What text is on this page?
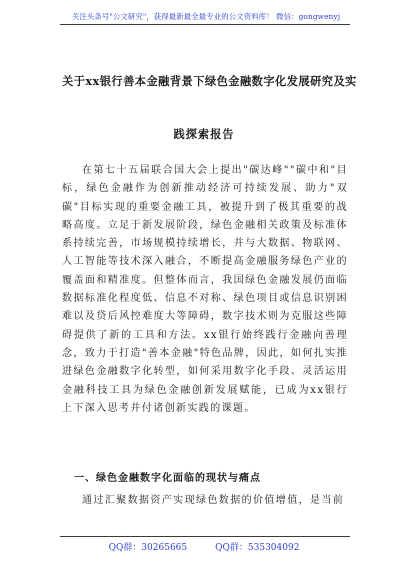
关注头条号"公文研究"，获得最新最全最专业的公文资料库！ 微信：gongwenyj
关于xx银行善本金融背景下绿色金融数字化发展研究及实
践探索报告

在第七十五届联合国大会上提出"碳达峰""碳中和"目标，绿色金融作为创新推动经济可持续发展、助力"双碳"目标实现的重要金融工具，被提升到了极其重要的战略高度。立足于新发展阶段，绿色金融相关政策及标准体系持续完善，市场规模持续增长，并与大数据、物联网、人工智能等技术深入融合，不断提高金融服务绿色产业的覆盖面和精准度。但整体而言，我国绿色金融发展仍面临数据标准化程度低、信息不对称、绿色项目或信息识别困难以及贷后风控难度大等障碍，数字技术则为克服这些障碍提供了新的工具和方法。xx银行始终践行金融向善理念，致力于打造"善本金融"特色品牌，因此，如何扎实推进绿色金融数字化转型，如何采用数字化手段、灵活运用金融科技工具为绿色金融创新发展赋能，已成为xx银行上下深入思考并付诸创新实践的课题。

一、绿色金融数字化面临的现状与痛点
通过汇聚数据资产实现绿色数据的价值增值，是当前
QQ群：30265665	QQ群：535304092
